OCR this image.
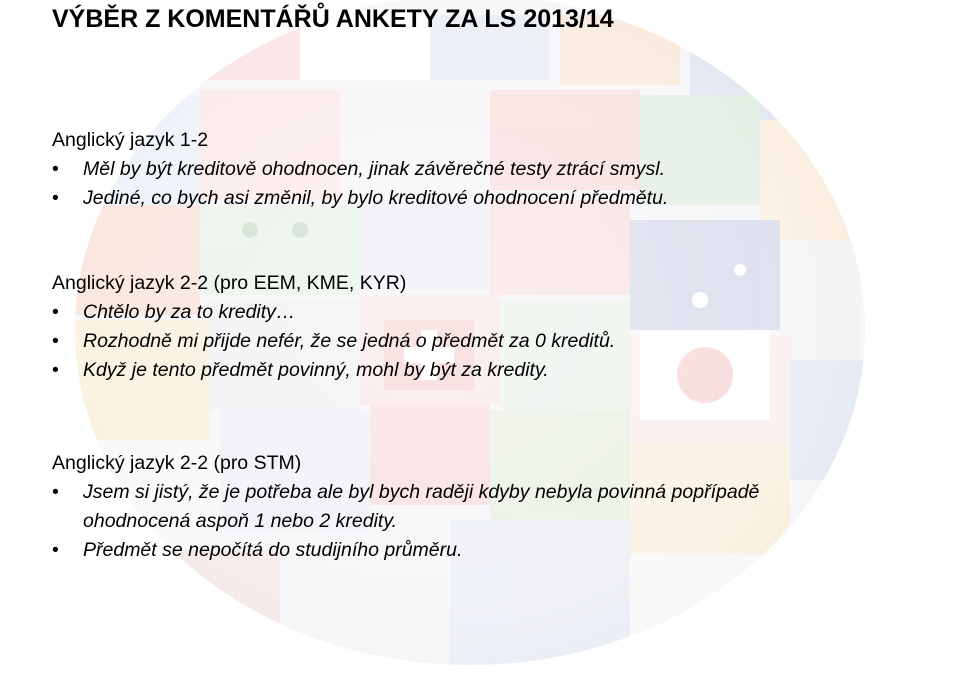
VÝBĚR Z KOMENTÁŘŮ ANKETY ZA LS 2013/14
Anglický jazyk 1-2
• Měl by být kreditově ohodnocen, jinak závěrečné testy ztrácí smysl.
• Jediné, co bych asi změnil, by bylo kreditové ohodnocení předmětu.
Anglický jazyk 2-2 (pro EEM, KME, KYR)
• Chtělo by za to kredity…
• Rozhodně mi přijde nefér, že se jedná o předmět za 0 kreditů.
• Když je tento předmět povinný, mohl by být za kredity.
Anglický jazyk 2-2 (pro STM)
• Jsem si jistý, že je potřeba ale byl bych raději kdyby nebyla povinná popřípadě ohodnocená aspoň 1 nebo 2 kredity.
• Předmět se nepočítá do studijního průměru.
